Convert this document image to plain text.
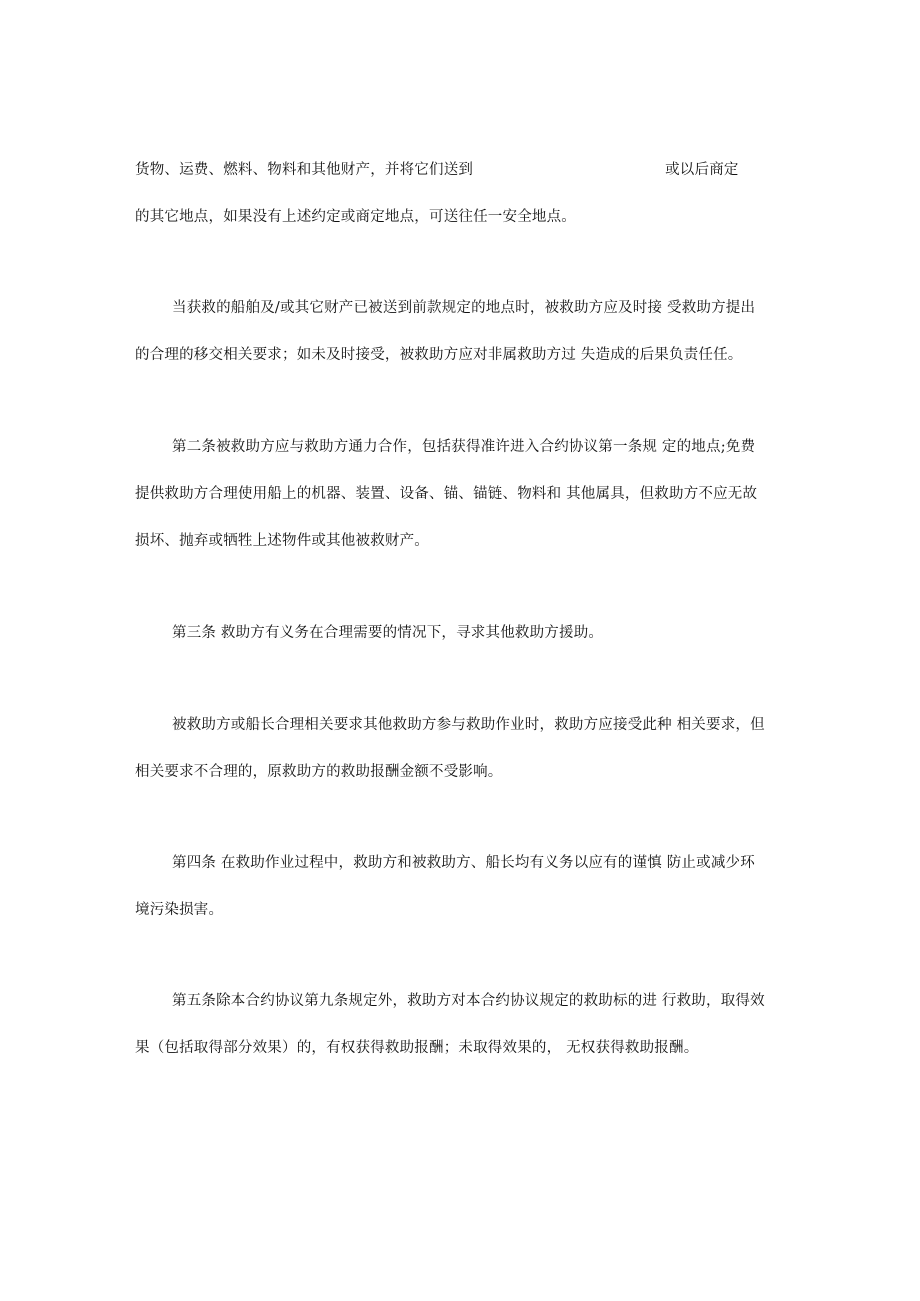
货物、运费、燃料、物料和其他财产，并将它们送到	或以后商定
的其它地点，如果没有上述约定或商定地点，可送往任一安全地点。
当获救的船舶及/或其它财产已被送到前款规定的地点时，被救助方应及时接 受救助方提出
的合理的移交相关要求；如未及时接受，被救助方应对非属救助方过 失造成的后果负责任任。
第二条被救助方应与救助方通力合作，包括获得准许进入合约协议第一条规 定的地点;免费
提供救助方合理使用船上的机器、装置、设备、锚、锚链、物料和 其他属具，但救助方不应无故
损坏、抛弃或牺牲上述物件或其他被救财产。
第三条 救助方有义务在合理需要的情况下，寻求其他救助方援助。
被救助方或船长合理相关要求其他救助方参与救助作业时，救助方应接受此种 相关要求，但
相关要求不合理的，原救助方的救助报酬金额不受影响。
第四条 在救助作业过程中，救助方和被救助方、船长均有义务以应有的谨慎 防止或减少环
境污染损害。
第五条除本合约协议第九条规定外，救助方对本合约协议规定的救助标的进 行救助，取得效
果（包括取得部分效果）的，有权获得救助报酬；未取得效果的， 无权获得救助报酬。
